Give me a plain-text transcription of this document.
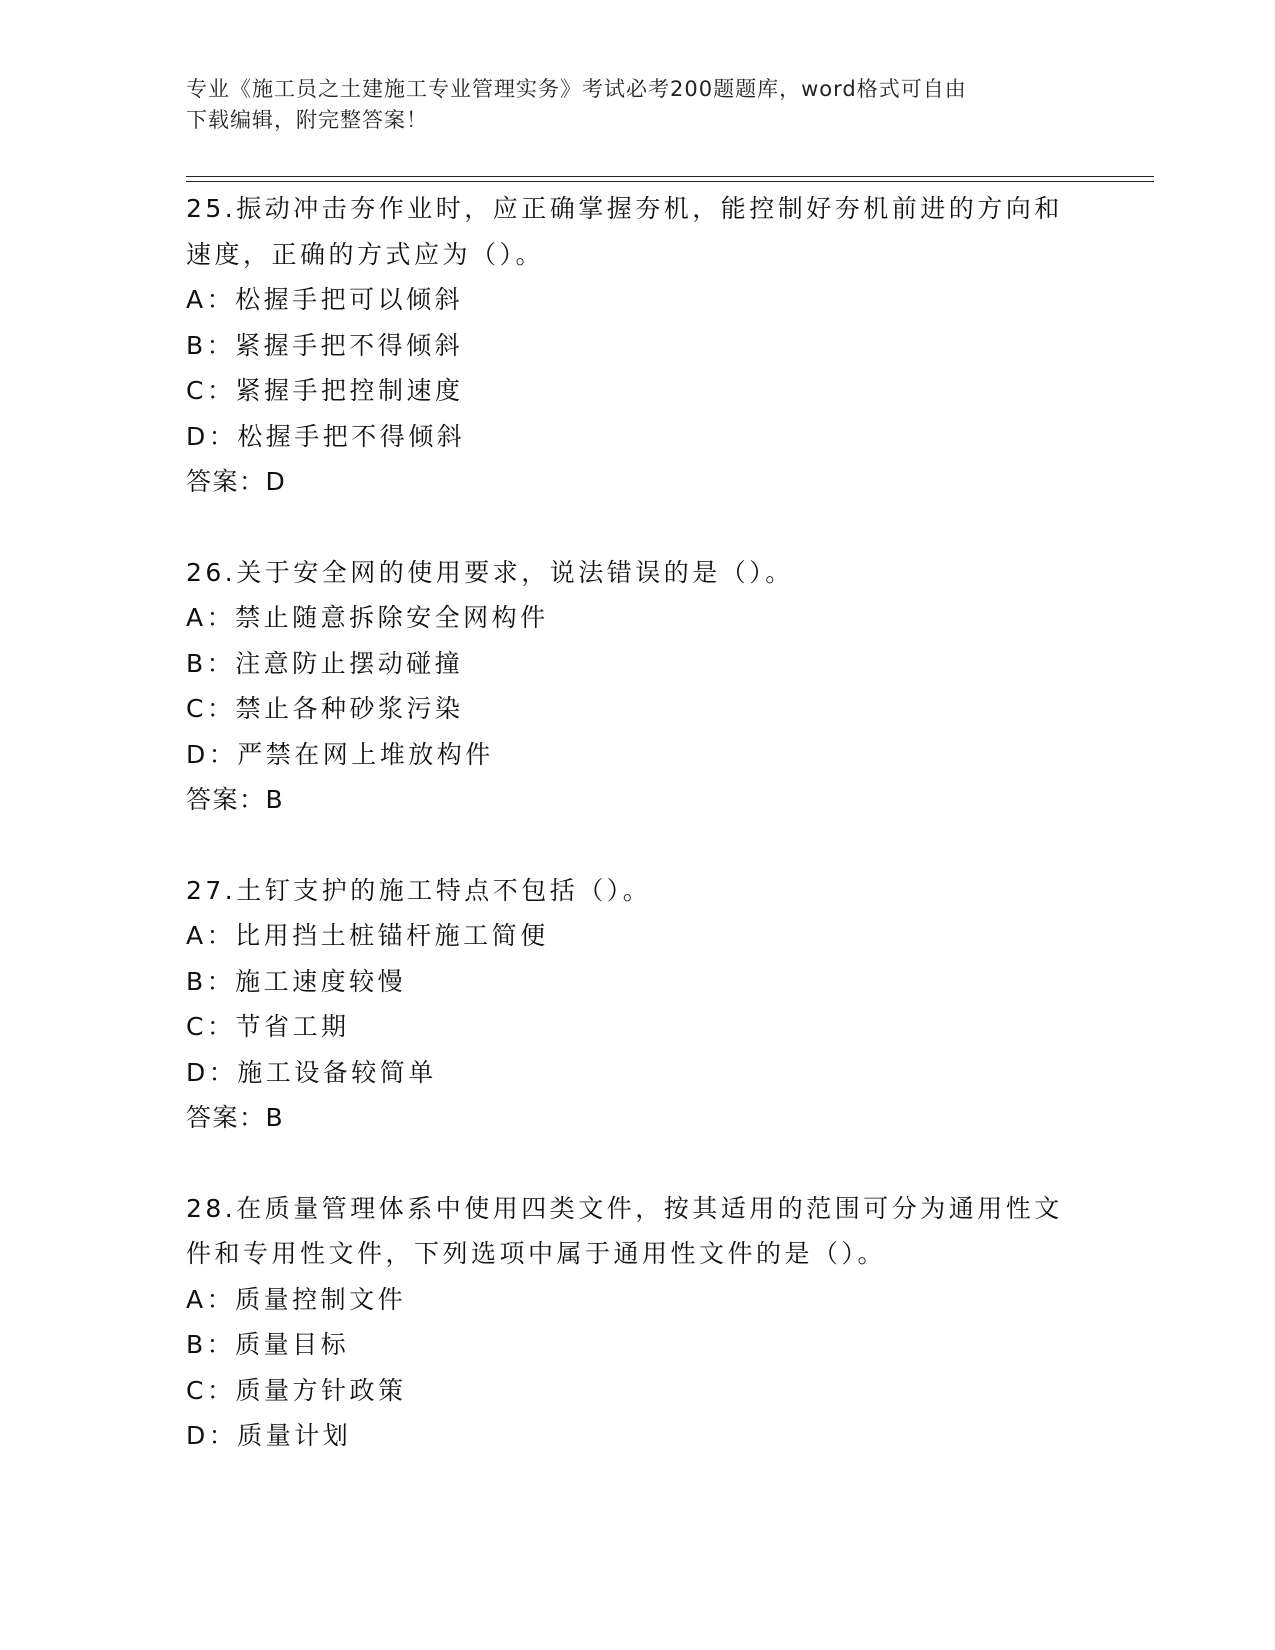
专业《施工员之土建施工专业管理实务》考试必考200题题库，word格式可自由
下载编辑，附完整答案！
25.振动冲击夯作业时，应正确掌握夯机，能控制好夯机前进的方向和
速度，正确的方式应为（）。
A：松握手把可以倾斜
B：紧握手把不得倾斜
C：紧握手把控制速度
D：松握手把不得倾斜
答案：D
26.关于安全网的使用要求，说法错误的是（）。
A：禁止随意拆除安全网构件
B：注意防止摆动碰撞
C：禁止各种砂浆污染
D：严禁在网上堆放构件
答案：B
27.土钉支护的施工特点不包括（）。
A：比用挡土桩锚杆施工简便
B：施工速度较慢
C：节省工期
D：施工设备较简单
答案：B
28.在质量管理体系中使用四类文件，按其适用的范围可分为通用性文
件和专用性文件，下列选项中属于通用性文件的是（）。
A：质量控制文件
B：质量目标
C：质量方针政策
D：质量计划
